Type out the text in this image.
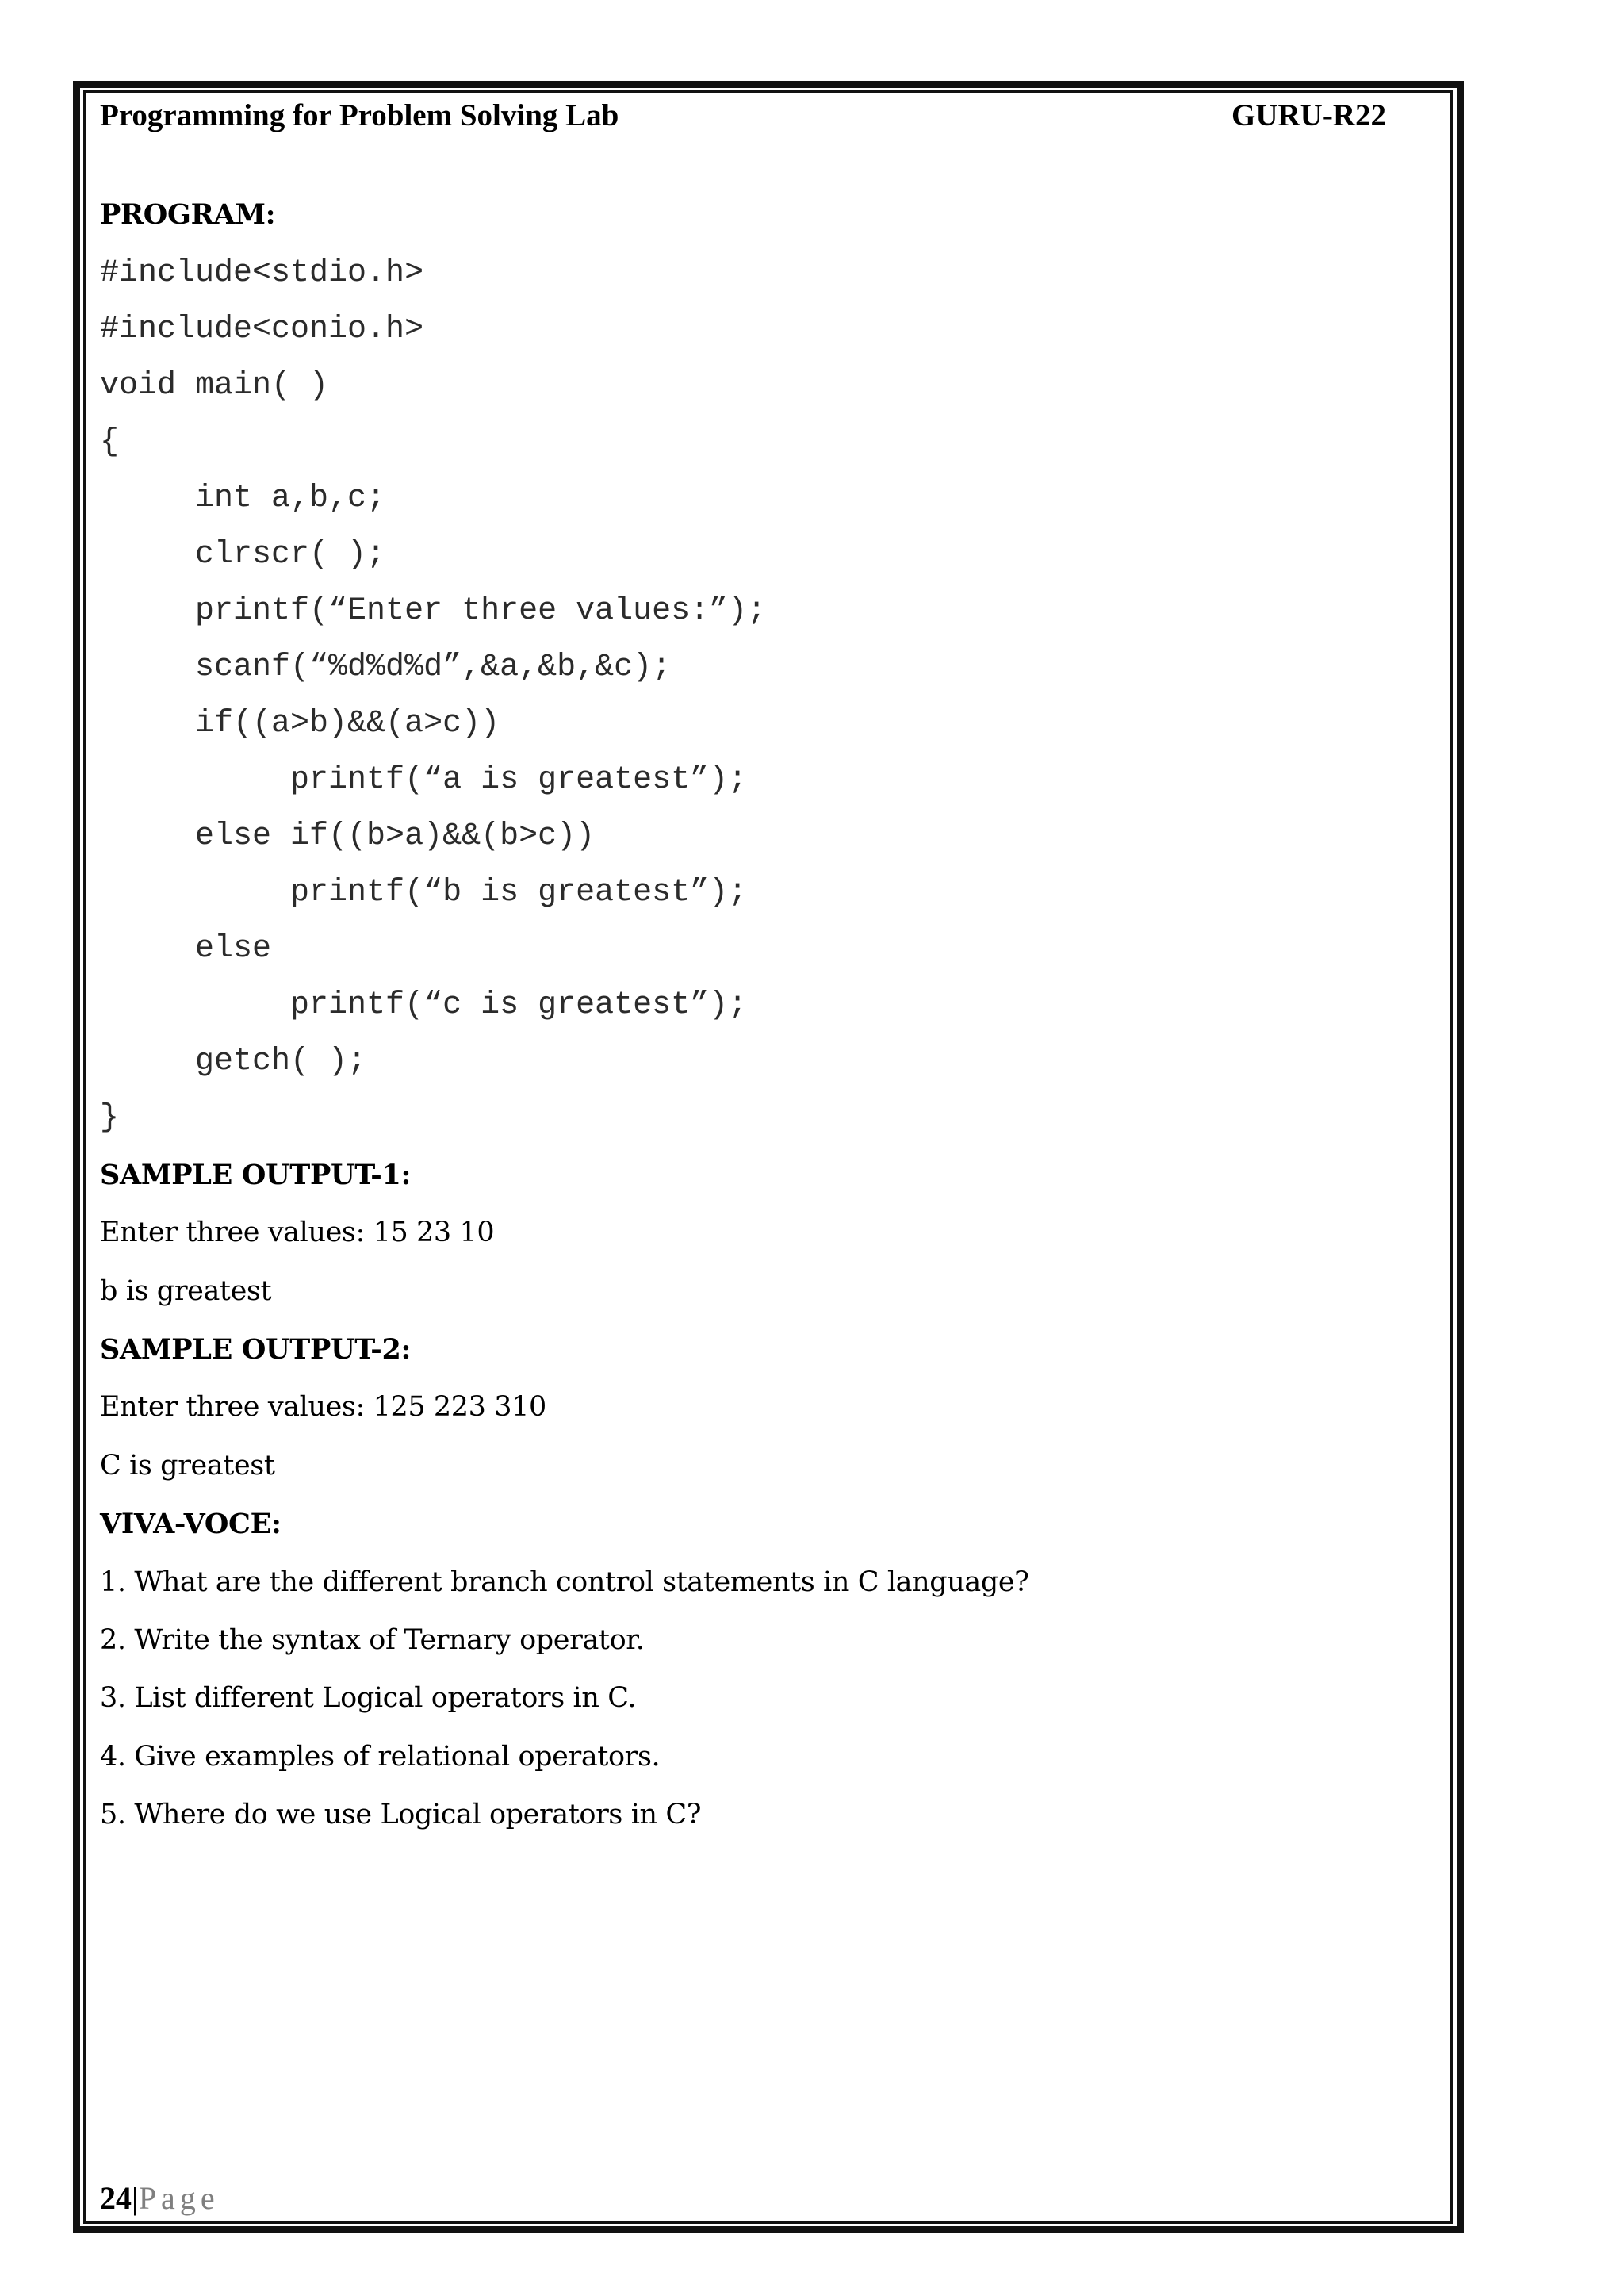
Programming for Problem Solving Lab	GURU-R22
PROGRAM:
#include<stdio.h>
#include<conio.h>
void main( )
{
int a,b,c;
clrscr( );
printf(“Enter three values:”);
scanf(“%d%d%d”,&a,&b,&c);
if((a>b)&&(a>c))
printf(“a is greatest”);
else if((b>a)&&(b>c))
printf(“b is greatest”);
else
printf(“c is greatest”);
getch( );
}
SAMPLE OUTPUT-1:
Enter three values: 15 23 10
b is greatest
SAMPLE OUTPUT-2:
Enter three values: 125 223 310
C is greatest
VIVA-VOCE:
1. What are the different branch control statements in C language?
2. Write the syntax of Ternary operator.
3. List different Logical operators in C.
4. Give examples of relational operators.
5. Where do we use Logical operators in C?
24|Page
